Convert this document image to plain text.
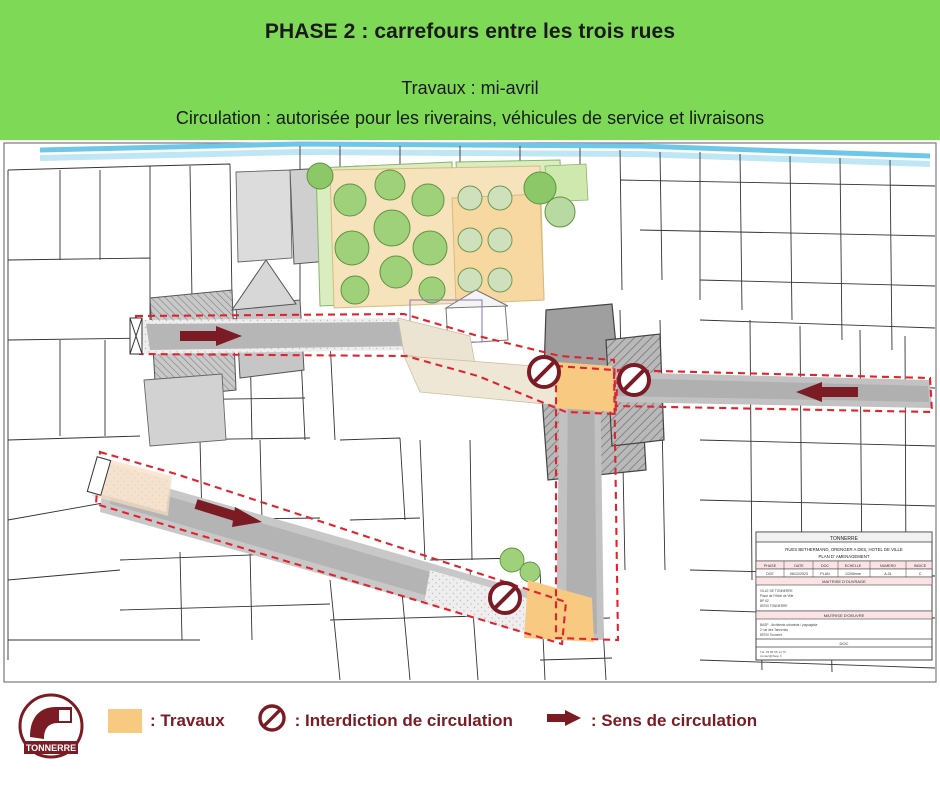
PHASE 2 : carrefours entre les trois rues
Travaux : mi-avril
Circulation : autorisée pour les riverains, véhicules de service et livraisons
TONNERRE
RUES BETHERMAND, ORENGER A DES, HOTEL DE VILLE
PLAN D' AMENAGEMENT
PHASE	DATE	DOC	ECHELLE	NUMERO	INDICE
DCE	06/12/2023	PLAN	1/200ème	A-01	C
MAITRISE D'OUVRAGE
VILLE DE TONNERRE
Place de l'Hôtel de Ville
BP 62
89700 TONNERRE
MAITRISE D'OEUVRE
BASP - Architecte-urbaniste / paysagiste
2 rue des Tanneries
89700 Tonnerre
DOC
Tél. 03 86 55 14 75
contact@basp.fr
TONNERRE
: Travaux	: Interdiction de circulation	: Sens de circulation
